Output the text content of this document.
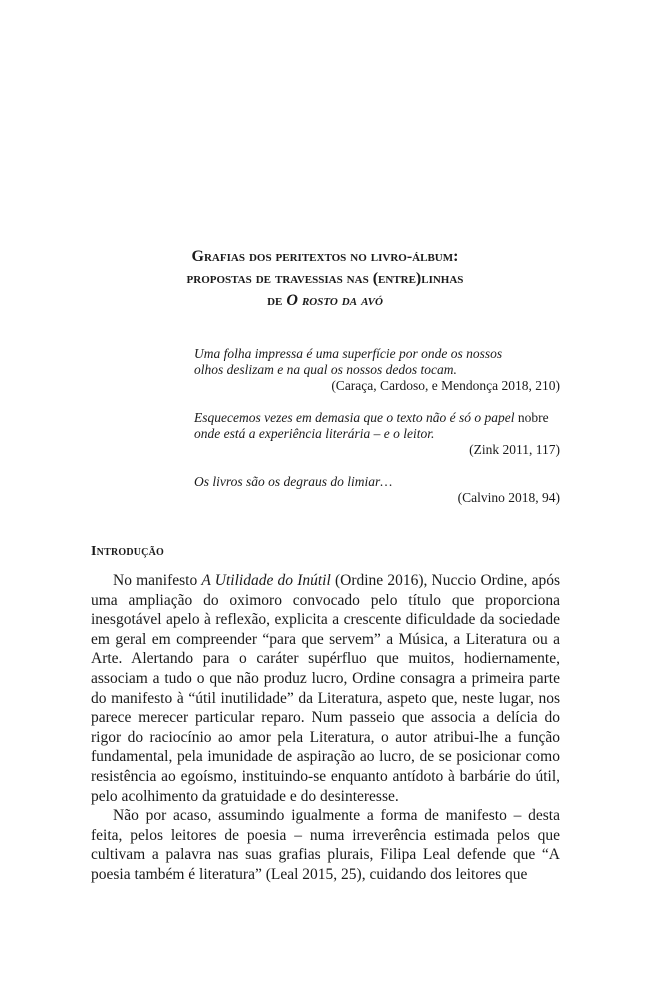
Grafias dos peritextos no livro-álbum:
propostas de travessias nas (entre)linhas
de O rosto da avó
Uma folha impressa é uma superfície por onde os nossos
olhos deslizam e na qual os nossos dedos tocam.
(Caraça, Cardoso, e Mendonça 2018, 210)
Esquecemos vezes em demasia que o texto não é só o papel nobre
onde está a experiência literária – e o leitor.
(Zink 2011, 117)
Os livros são os degraus do limiar…
(Calvino 2018, 94)
Introdução

No manifesto A Utilidade do Inútil (Ordine 2016), Nuccio Ordine, após uma ampliação do oximoro convocado pelo título que proporciona inesgotável apelo à reflexão, explicita a crescente dificuldade da sociedade em geral em compreender “para que servem” a Música, a Literatura ou a Arte. Alertando para o caráter supérfluo que muitos, hodiernamente, associam a tudo o que não produz lucro, Ordine consagra a primeira parte do manifesto à “útil inutilidade” da Literatura, aspeto que, neste lugar, nos parece merecer particular reparo. Num passeio que associa a delícia do rigor do raciocínio ao amor pela Literatura, o autor atribui-lhe a função fundamental, pela imunidade de aspiração ao lucro, de se posicionar como resistência ao egoísmo, instituindo-se enquanto antídoto à barbárie do útil, pelo acolhimento da gratuidade e do desinteresse.

Não por acaso, assumindo igualmente a forma de manifesto – desta feita, pelos leitores de poesia – numa irreverência estimada pelos que cultivam a palavra nas suas grafias plurais, Filipa Leal defende que “A poesia também é literatura” (Leal 2015, 25), cuidando dos leitores que
